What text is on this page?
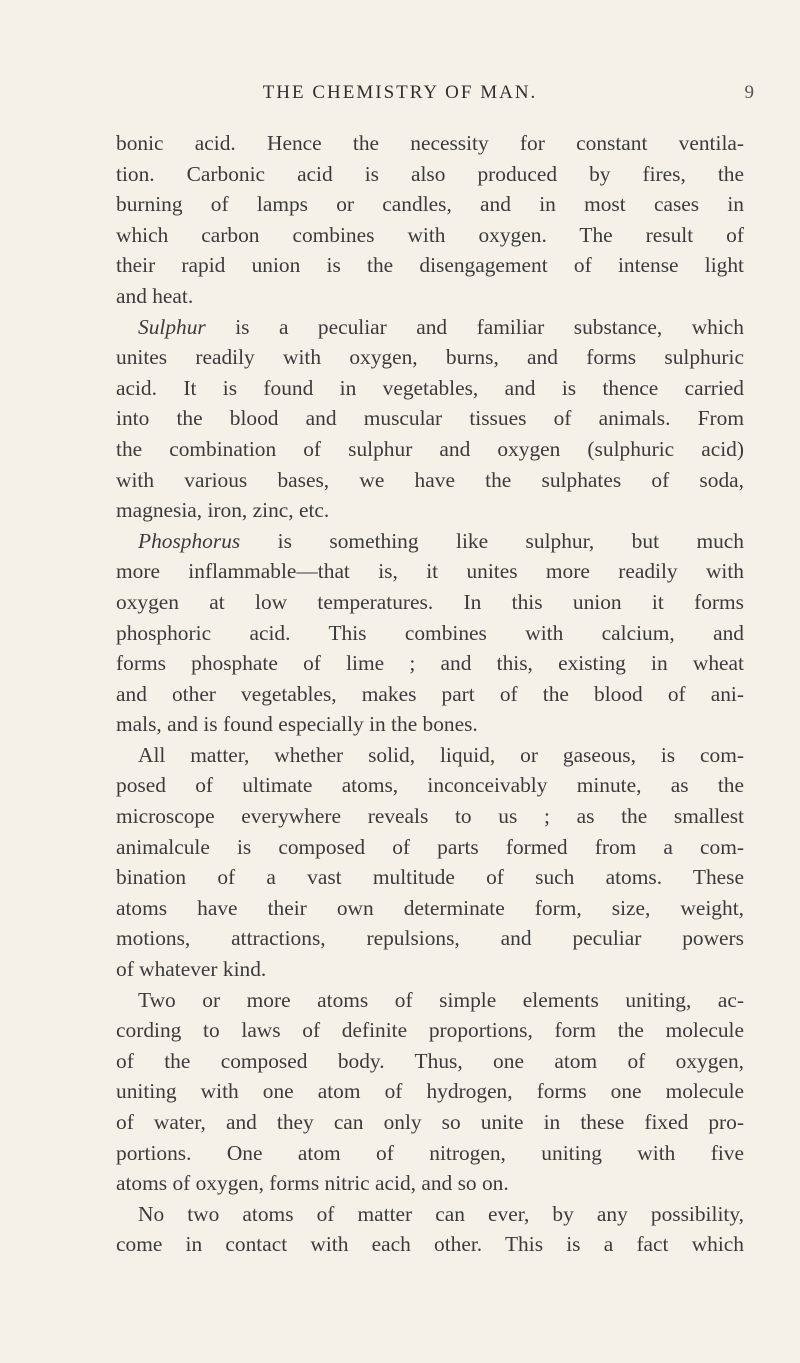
THE CHEMISTRY OF MAN.	9
bonic acid. Hence the necessity for constant ventila-
tion. Carbonic acid is also produced by fires, the
burning of lamps or candles, and in most cases in
which carbon combines with oxygen. The result of
their rapid union is the disengagement of intense light
and heat.
Sulphur is a peculiar and familiar substance, which
unites readily with oxygen, burns, and forms sulphuric
acid. It is found in vegetables, and is thence carried
into the blood and muscular tissues of animals. From
the combination of sulphur and oxygen (sulphuric acid)
with various bases, we have the sulphates of soda,
magnesia, iron, zinc, etc.
Phosphorus is something like sulphur, but much
more inflammable—that is, it unites more readily with
oxygen at low temperatures. In this union it forms
phosphoric acid. This combines with calcium, and
forms phosphate of lime ; and this, existing in wheat
and other vegetables, makes part of the blood of ani-
mals, and is found especially in the bones.
All matter, whether solid, liquid, or gaseous, is com-
posed of ultimate atoms, inconceivably minute, as the
microscope everywhere reveals to us ; as the smallest
animalcule is composed of parts formed from a com-
bination of a vast multitude of such atoms. These
atoms have their own determinate form, size, weight,
motions, attractions, repulsions, and peculiar powers
of whatever kind.
Two or more atoms of simple elements uniting, ac-
cording to laws of definite proportions, form the molecule
of the composed body. Thus, one atom of oxygen,
uniting with one atom of hydrogen, forms one molecule
of water, and they can only so unite in these fixed pro-
portions. One atom of nitrogen, uniting with five
atoms of oxygen, forms nitric acid, and so on.
No two atoms of matter can ever, by any possibility,
come in contact with each other. This is a fact which
